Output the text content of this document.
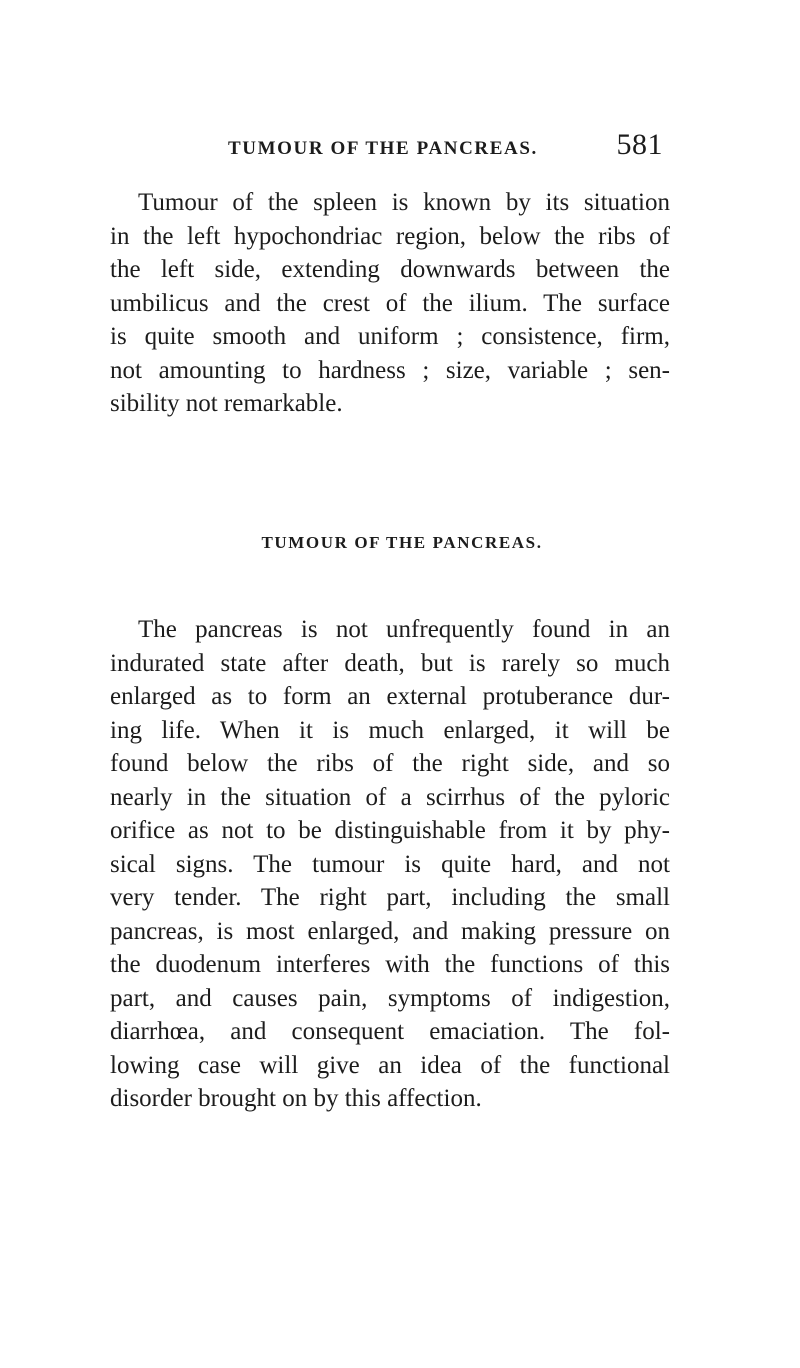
TUMOUR OF THE PANCREAS.	581
Tumour of the spleen is known by its situation
in the left hypochondriac region, below the ribs of
the left side, extending downwards between the
umbilicus and the crest of the ilium. The surface
is quite smooth and uniform ; consistence, firm,
not amounting to hardness ; size, variable ; sen-
sibility not remarkable.
TUMOUR OF THE PANCREAS.
The pancreas is not unfrequently found in an
indurated state after death, but is rarely so much
enlarged as to form an external protuberance dur-
ing life. When it is much enlarged, it will be
found below the ribs of the right side, and so
nearly in the situation of a scirrhus of the pyloric
orifice as not to be distinguishable from it by phy-
sical signs. The tumour is quite hard, and not
very tender. The right part, including the small
pancreas, is most enlarged, and making pressure on
the duodenum interferes with the functions of this
part, and causes pain, symptoms of indigestion,
diarrhœa, and consequent emaciation. The fol-
lowing case will give an idea of the functional
disorder brought on by this affection.
